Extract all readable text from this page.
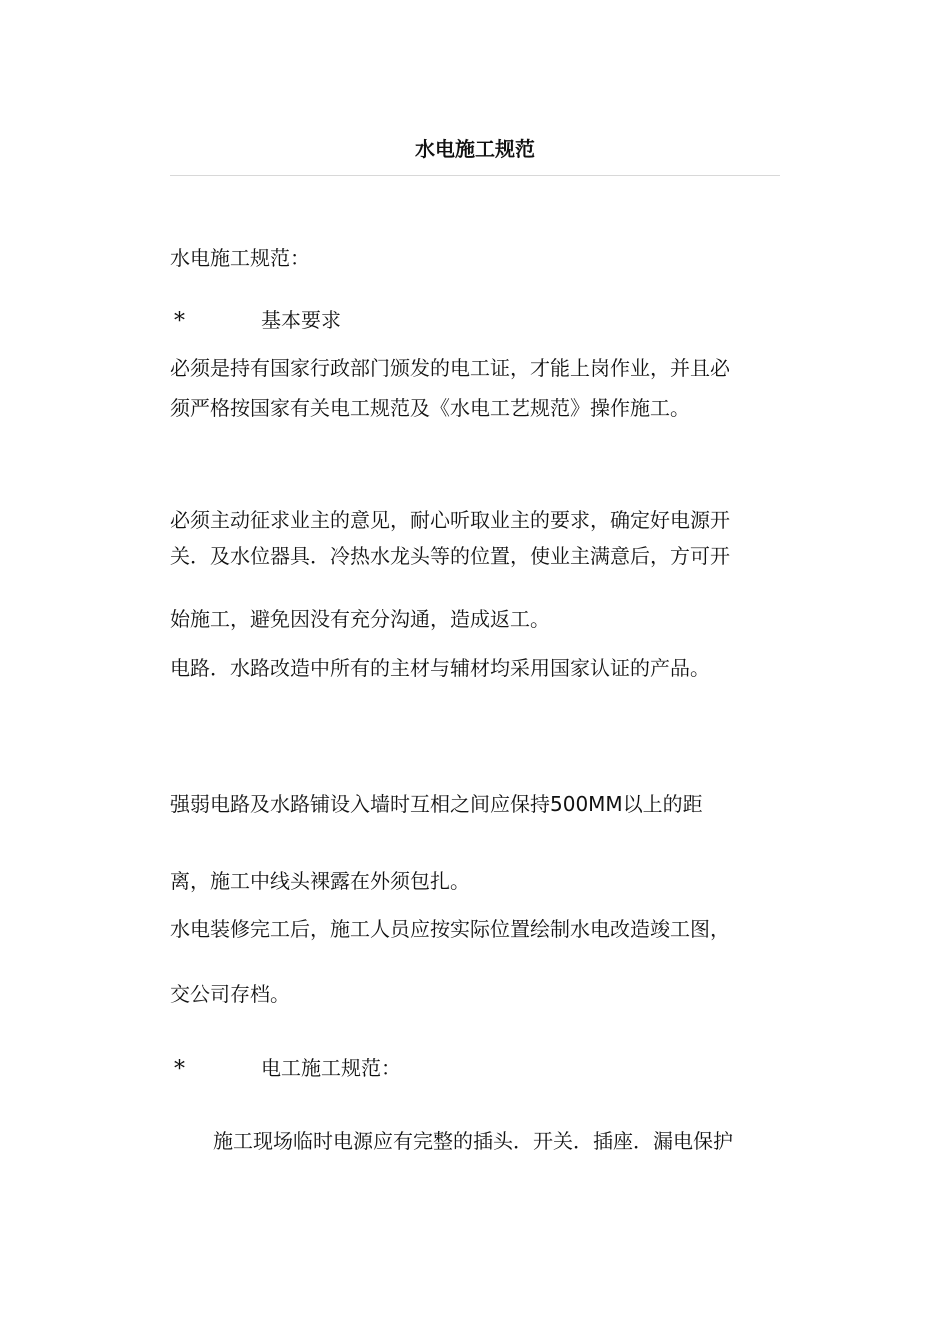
水电施工规范
水电施工规范：
*	基本要求
必须是持有国家行政部门颁发的电工证，才能上岗作业，并且必
须严格按国家有关电工规范及《水电工艺规范》操作施工。
必须主动征求业主的意见，耐心听取业主的要求，确定好电源开
关．及水位器具．冷热水龙头等的位置，使业主满意后，方可开
始施工，避免因没有充分沟通，造成返工。
电路．水路改造中所有的主材与辅材均采用国家认证的产品。
强弱电路及水路铺设入墙时互相之间应保持500MM以上的距
离，施工中线头裸露在外须包扎。
水电装修完工后，施工人员应按实际位置绘制水电改造竣工图，
交公司存档。
*	电工施工规范：
施工现场临时电源应有完整的插头．开关．插座．漏电保护
